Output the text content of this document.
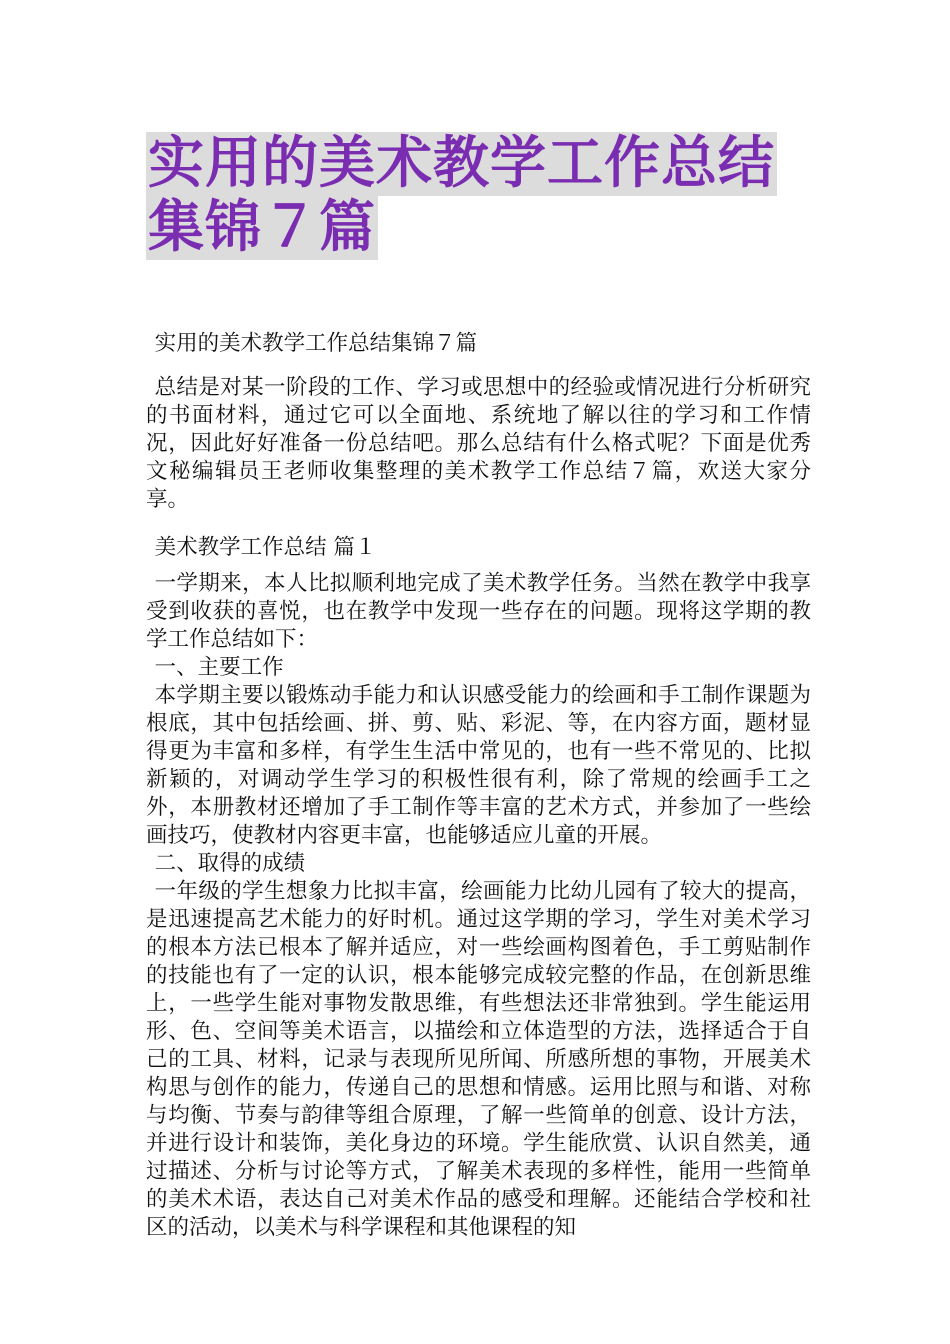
实用的美术教学工作总结
集锦７篇

实用的美术教学工作总结集锦７篇

总结是对某一阶段的工作、学习或思想中的经验或情况进行分析研究的书面材料，通过它可以全面地、系统地了解以往的学习和工作情况，因此好好准备一份总结吧。那么总结有什么格式呢？下面是优秀文秘编辑员王老师收集整理的美术教学工作总结７篇，欢送大家分享。

美术教学工作总结 篇１

一学期来，本人比拟顺利地完成了美术教学任务。当然在教学中我享受到收获的喜悦，也在教学中发现一些存在的问题。现将这学期的教学工作总结如下：

一、主要工作

本学期主要以锻炼动手能力和认识感受能力的绘画和手工制作课题为根底，其中包括绘画、拼、剪、贴、彩泥、等，在内容方面，题材显得更为丰富和多样，有学生生活中常见的，也有一些不常见的、比拟新颖的，对调动学生学习的积极性很有利，除了常规的绘画手工之外，本册教材还增加了手工制作等丰富的艺术方式，并参加了一些绘画技巧，使教材内容更丰富，也能够适应儿童的开展。

二、取得的成绩

一年级的学生想象力比拟丰富，绘画能力比幼儿园有了较大的提高，是迅速提高艺术能力的好时机。通过这学期的学习，学生对美术学习的根本方法已根本了解并适应，对一些绘画构图着色，手工剪贴制作的技能也有了一定的认识，根本能够完成较完整的作品，在创新思维上，一些学生能对事物发散思维，有些想法还非常独到。学生能运用形、色、空间等美术语言，以描绘和立体造型的方法，选择适合于自己的工具、材料，记录与表现所见所闻、所感所想的事物，开展美术构思与创作的能力，传递自己的思想和情感。运用比照与和谐、对称与均衡、节奏与韵律等组合原理，了解一些简单的创意、设计方法，并进行设计和装饰，美化身边的环境。学生能欣赏、认识自然美，通过描述、分析与讨论等方式，了解美术表现的多样性，能用一些简单的美术术语，表达自己对美术作品的感受和理解。还能结合学校和社区的活动，以美术与科学课程和其他课程的知
